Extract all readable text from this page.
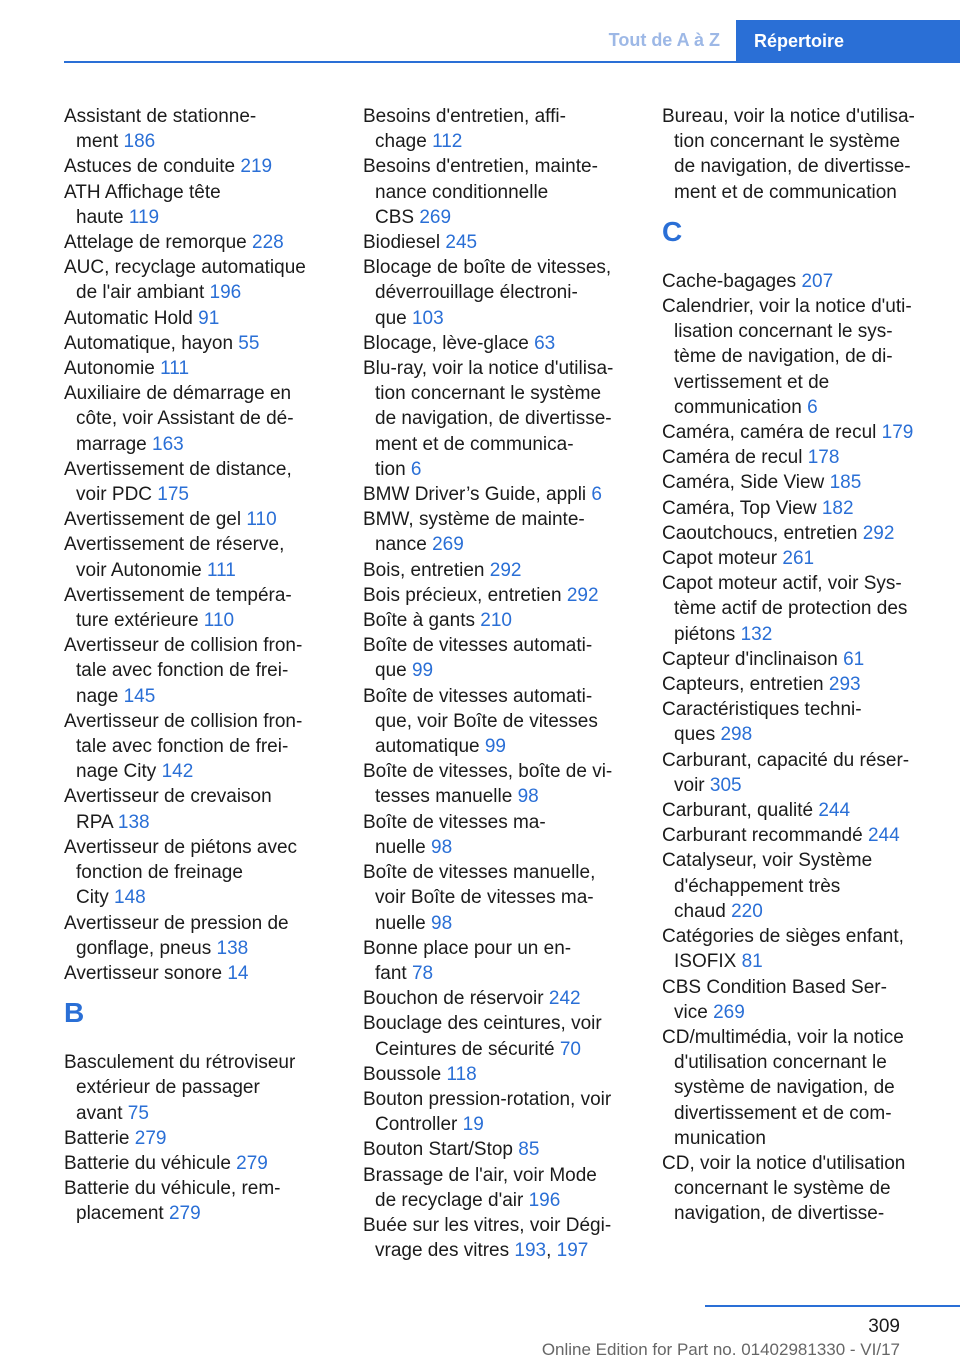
Tout de A à Z	Répertoire
Assistant de stationne-
ment 186
Astuces de conduite 219
ATH Affichage tête
haute 119
Attelage de remorque 228
AUC, recyclage automatique
de l'air ambiant 196
Automatic Hold 91
Automatique, hayon 55
Autonomie 111
Auxiliaire de démarrage en
côte, voir Assistant de dé-
marrage 163
Avertissement de distance,
voir PDC 175
Avertissement de gel 110
Avertissement de réserve,
voir Autonomie 111
Avertissement de tempéra-
ture extérieure 110
Avertisseur de collision fron-
tale avec fonction de frei-
nage 145
Avertisseur de collision fron-
tale avec fonction de frei-
nage City 142
Avertisseur de crevaison
RPA 138
Avertisseur de piétons avec
fonction de freinage
City 148
Avertisseur de pression de
gonflage, pneus 138
Avertisseur sonore 14
B
Basculement du rétroviseur
extérieur de passager
avant 75
Batterie 279
Batterie du véhicule 279
Batterie du véhicule, rem-
placement 279
Besoins d'entretien, affi-
chage 112
Besoins d'entretien, mainte-
nance conditionnelle
CBS 269
Biodiesel 245
Blocage de boîte de vitesses,
déverrouillage électroni-
que 103
Blocage, lève-glace 63
Blu-ray, voir la notice d'utilisa-
tion concernant le système
de navigation, de divertisse-
ment et de communica-
tion 6
BMW Driver’s Guide, appli 6
BMW, système de mainte-
nance 269
Bois, entretien 292
Bois précieux, entretien 292
Boîte à gants 210
Boîte de vitesses automati-
que 99
Boîte de vitesses automati-
que, voir Boîte de vitesses
automatique 99
Boîte de vitesses, boîte de vi-
tesses manuelle 98
Boîte de vitesses ma-
nuelle 98
Boîte de vitesses manuelle,
voir Boîte de vitesses ma-
nuelle 98
Bonne place pour un en-
fant 78
Bouchon de réservoir 242
Bouclage des ceintures, voir
Ceintures de sécurité 70
Boussole 118
Bouton pression-rotation, voir
Controller 19
Bouton Start/Stop 85
Brassage de l'air, voir Mode
de recyclage d'air 196
Buée sur les vitres, voir Dégi-
vrage des vitres 193, 197
Bureau, voir la notice d'utilisa-
tion concernant le système
de navigation, de divertisse-
ment et de communication
C
Cache-bagages 207
Calendrier, voir la notice d'uti-
lisation concernant le sys-
tème de navigation, de di-
vertissement et de
communication 6
Caméra, caméra de recul 179
Caméra de recul 178
Caméra, Side View 185
Caméra, Top View 182
Caoutchoucs, entretien 292
Capot moteur 261
Capot moteur actif, voir Sys-
tème actif de protection des
piétons 132
Capteur d'inclinaison 61
Capteurs, entretien 293
Caractéristiques techni-
ques 298
Carburant, capacité du réser-
voir 305
Carburant, qualité 244
Carburant recommandé 244
Catalyseur, voir Système
d'échappement très
chaud 220
Catégories de sièges enfant,
ISOFIX 81
CBS Condition Based Ser-
vice 269
CD/multimédia, voir la notice
d'utilisation concernant le
système de navigation, de
divertissement et de com-
munication
CD, voir la notice d'utilisation
concernant le système de
navigation, de divertisse-
309
Online Edition for Part no. 01402981330 - VI/17
